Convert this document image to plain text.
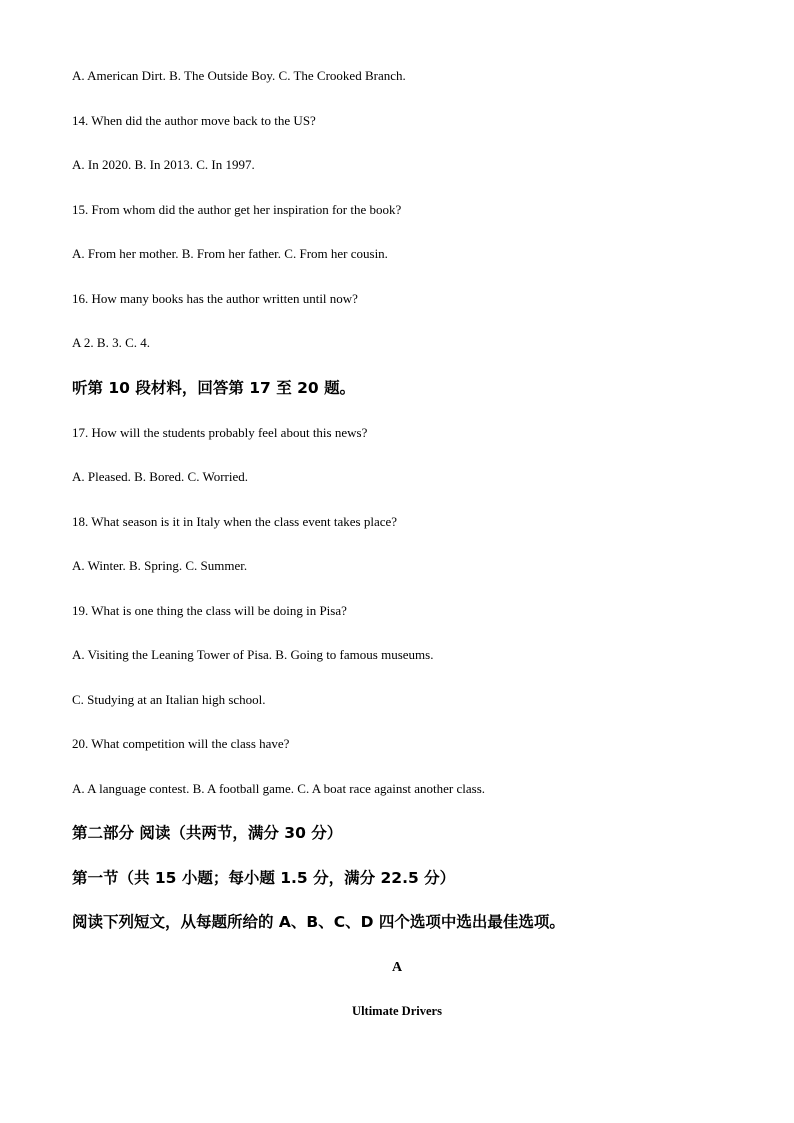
A. American Dirt. B. The Outside Boy. C. The Crooked Branch.
14. When did the author move back to the US?
A. In 2020. B. In 2013. C. In 1997.
15. From whom did the author get her inspiration for the book?
A. From her mother. B. From her father. C. From her cousin.
16. How many books has the author written until now?
A 2. B. 3. C. 4.
听第 10 段材料，回答第 17 至 20 题。
17. How will the students probably feel about this news?
A. Pleased. B. Bored. C. Worried.
18. What season is it in Italy when the class event takes place?
A. Winter. B. Spring. C. Summer.
19. What is one thing the class will be doing in Pisa?
A. Visiting the Leaning Tower of Pisa. B. Going to famous museums.
C. Studying at an Italian high school.
20. What competition will the class have?
A. A language contest. B. A football game. C. A boat race against another class.
第二部分 阅读（共两节，满分 30 分）
第一节（共 15 小题；每小题 1.5 分，满分 22.5 分）
阅读下列短文，从每题所给的 A、B、C、D 四个选项中选出最佳选项。
A
Ultimate Drivers
